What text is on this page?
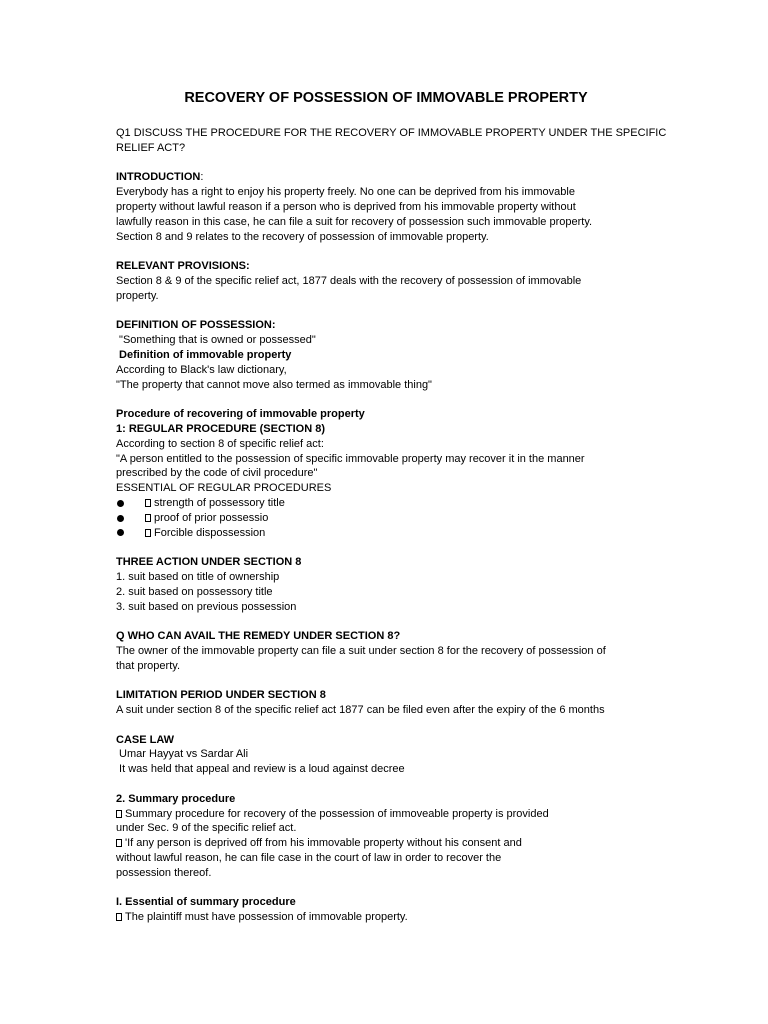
RECOVERY OF POSSESSION OF IMMOVABLE PROPERTY
Q1 DISCUSS THE PROCEDURE FOR THE RECOVERY OF IMMOVABLE PROPERTY UNDER THE SPECIFIC
RELIEF ACT?
INTRODUCTION:
Everybody has a right to enjoy his property freely. No one can be deprived from his immovable
property without lawful reason if a person who is deprived from his immovable property without
lawfully reason in this case, he can file a suit for recovery of possession such immovable property.
Section 8 and 9 relates to the recovery of possession of immovable property.
RELEVANT PROVISIONS:
Section 8 & 9 of the specific relief act, 1877 deals with the recovery of possession of immovable
property.
DEFINITION OF POSSESSION:
"Something that is owned or possessed"
Definition of immovable property
According to Black's law dictionary,
"The property that cannot move also termed as immovable thing"
Procedure of recovering of immovable property
1: REGULAR PROCEDURE (SECTION 8)
According to section 8 of specific relief act:
"A person entitled to the possession of specific immovable property may recover it in the manner
prescribed by the code of civil procedure"
ESSENTIAL OF REGULAR PROCEDURES
strength of possessory title
proof of prior possessio
Forcible dispossession
THREE ACTION UNDER SECTION 8
1. suit based on title of ownership
2. suit based on possessory title
3. suit based on previous possession
Q WHO CAN AVAIL THE REMEDY UNDER SECTION 8?
The owner of the immovable property can file a suit under section 8 for the recovery of possession of
that property.
LIMITATION PERIOD UNDER SECTION 8
A suit under section 8 of the specific relief act 1877 can be filed even after the expiry of the 6 months
CASE LAW
Umar Hayyat vs Sardar Ali
It was held that appeal and review is a loud against decree
2. Summary procedure
Summary procedure for recovery of the possession of immoveable property is provided
under Sec. 9 of the specific relief act.
'If any person is deprived off from his immovable property without his consent and
without lawful reason, he can file case in the court of law in order to recover the
possession thereof.
I. Essential of summary procedure
The plaintiff must have possession of immovable property.
